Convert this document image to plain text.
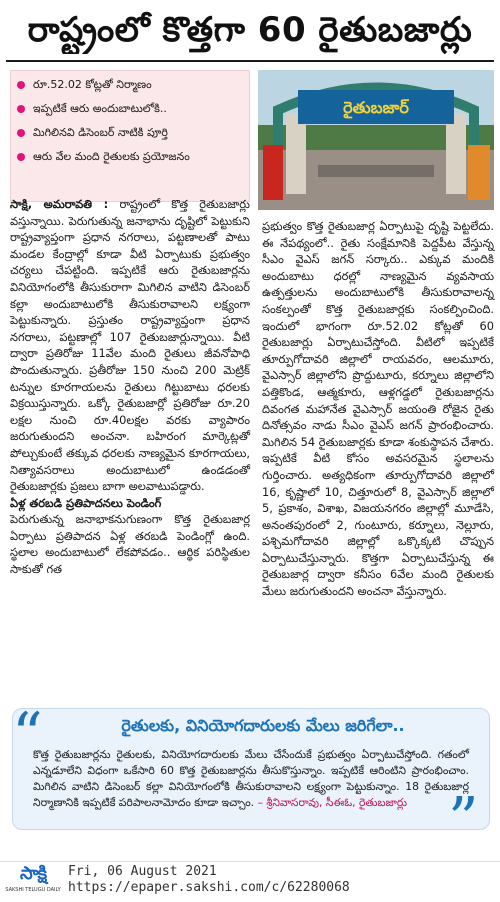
రాష్ట్రంలో కొత్తగా 60 రైతుబజార్లు
రూ.52.02 కోట్లతో నిర్మాణం
ఇప్పటికే ఆరు అందుబాటులోకి..
మిగిలినవి డిసెంబర్ నాటికి పూర్తి
ఆరు వేల మంది రైతులకు ప్రయోజనం
రైతుబజార్

సాక్షి, అమరావతి : రాష్ట్రంలో కొత్త రైతుబజార్లు వస్తున్నాయి. పెరుగుతున్న జనాభాను దృష్టిలో పెట్టుకుని రాష్ట్రవ్యాప్తంగా ప్రధాన నగరాలు, పట్టణాలతో పాటు మండల కేంద్రాల్లో కూడా వీటి ఏర్పాటుకు ప్రభుత్వం చర్యలు చేపట్టింది. ఇప్పటికే ఆరు రైతుబజార్లను వినియోగంలోకి తీసుకురాగా మిగిలిన వాటిని డిసెంబర్ కల్లా అందుబాటులోకి తీసుకురావాలని లక్ష్యంగా పెట్టుకున్నారు. ప్రస్తుతం రాష్ట్రవ్యాప్తంగా ప్రధాన నగరాలు, పట్టణాల్లో 107 రైతుబజార్లున్నాయి. వీటి ద్వారా ప్రతిరోజు 11వేల మంది రైతులు జీవనోపాధి పొందుతున్నారు. ప్రతీరోజు 150 నుంచి 200 మెట్రిక్ టన్నుల కూరగాయలను రైతులు గిట్టుబాటు ధరలకు విక్రయిస్తున్నారు. ఒక్కో రైతుబజార్లో ప్రతిరోజు రూ.20 లక్షల నుంచి రూ.40లక్షల వరకు వ్యాపారం జరుగుతుందని అంచనా. బహిరంగ మార్కెట్లతో పోల్చుకుంటే తక్కువ ధరలకు నాణ్యమైన కూరగాయలు, నిత్యావసరాలు అందుబాటులో ఉండడంతో రైతుబజార్లకు ప్రజలు బాగా అలవాటుపడ్డారు.

ఏళ్ల తరబడి ప్రతిపాదనలు పెండింగ్

పెరుగుతున్న జనాభాకనుగుణంగా కొత్త రైతుబజార్ల ఏర్పాటు ప్రతిపాదన ఏళ్ల తరబడి పెండింగ్లో ఉంది. స్థలాల అందుబాటులో లేకపోవడం.. ఆర్థిక పరిస్థితుల సాకుతో గత

ప్రభుత్వం కొత్త రైతుబజార్ల ఏర్పాటుపై దృష్టి పెట్టలేదు. ఈ నేపథ్యంలో.. రైతు సంక్షేమానికి పెద్దపీట వేస్తున్న సీఎం వైఎస్ జగన్ సర్కారు.. ఎక్కువ మందికి అందుబాటు ధరల్లో నాణ్యమైన వ్యవసాయ ఉత్పత్తులను అందుబాటులోకి తీసుకురావాలన్న సంకల్పంతో కొత్త రైతుబజార్లకు సంకల్పించింది. ఇందులో భాగంగా రూ.52.02 కోట్లతో 60 రైతుబజార్లు ఏర్పాటుచేస్తోంది. వీటిలో ఇప్పటికే తూర్పుగోదావరి జిల్లాలో రాయవరం, ఆలమూరు, వైఎస్సార్ జిల్లాలోని ప్రొద్దుటూరు, కర్నూలు జిల్లాలోని పత్తికొండ, ఆత్మకూరు, ఆళ్లగడ్డలో రైతుబజార్లను దివంగత మహానేత వైఎస్సార్ జయంతి రోజైన రైతు దినోత్సవం నాడు సీఎం వైఎస్ జగన్ ప్రారంభించారు. మిగిలిన 54 రైతుబజార్లకు కూడా శంకుస్థాపన చేశారు. ఇప్పటికే వీటి కోసం అవసరమైన స్థలాలను గుర్తించారు. అత్యధికంగా తూర్పుగోదావరి జిల్లాలో 16, కృష్ణాలో 10, చిత్తూరులో 8, వైఎస్సార్ జిల్లాలో 5, ప్రకాశం, విశాఖ, విజయనగరం జిల్లాల్లో మూడేసి, అనంతపురంలో 2, గుంటూరు, కర్నూలు, నెల్లూరు, పశ్చిమగోదావరి జిల్లాల్లో ఒక్కొక్కటి చొప్పున ఏర్పాటుచేస్తున్నారు. కొత్తగా ఏర్పాటుచేస్తున్న ఈ రైతుబజార్ల ద్వారా కనీసం 6వేల మంది రైతులకు మేలు జరుగుతుందని అంచనా వేస్తున్నారు.

రైతులకు, వినియోగదారులకు మేలు జరిగేలా..
కొత్త రైతుబజార్లను రైతులకు, వినియోగదారులకు మేలు చేసేందుకే ప్రభుత్వం ఏర్పాటుచేస్తోంది. గతంలో ఎన్నడూలేని విధంగా ఒకేసారి 60 కొత్త రైతుబజార్లను తీసుకొస్తున్నాం. ఇప్పటికే ఆరింటిని ప్రారంభించాం. మిగిలిన వాటిని డిసెంబర్ కల్లా వినియోగంలోకి తీసుకురావాలని లక్ష్యంగా పెట్టుకున్నాం. 18 రైతుబజార్ల నిర్మాణానికి ఇప్పటికే పరిపాలనామోదం కూడా ఇచ్చాం. – శ్రీనివాసరావు, సీఈఓ, రైతుబజార్లు
“
”
సాక్షి
SAKSHI TELUGU DAILY
Fri, 06 August 2021
https://epaper.sakshi.com/c/62280068
